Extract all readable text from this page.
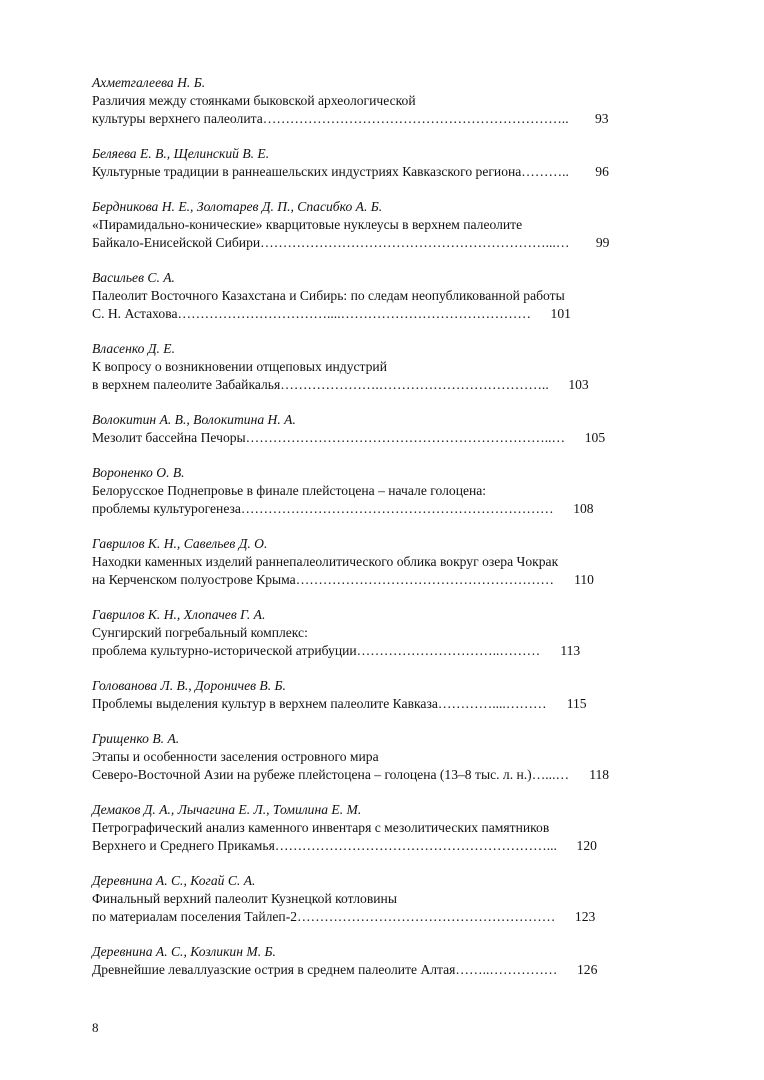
Ахметгалеева Н. Б.
Различия между стоянками быковской археологической
культуры верхнего палеолита…………………………………………………………..	93
Беляева Е. В., Щелинский В. Е.
Культурные традиции в раннеашельских индустриях Кавказского региона………..	96
Бердникова Н. Е., Золотарев Д. П., Спасибко А. Б.
«Пирамидально-конические» кварцитовые нуклеусы в верхнем палеолите
Байкало-Енисейской Сибири………………………………………………………...…	99
Васильев С. А.
Палеолит Восточного Казахстана и Сибирь: по следам неопубликованной работы
С. Н. Астахова……………………………....……………………………………	101
Власенко Д. Е.
К вопросу о возникновении отщеповых индустрий
в верхнем палеолите Забайкалья………………….………………………………..	103
Волокитин А. В., Волокитина Н. А.
Мезолит бассейна Печоры…………………………………………………………..…	105
Вороненко О. В.
Белорусское Поднепровье в финале плейстоцена – начале голоцена:
проблемы культурогенеза……………………………………………………………	108
Гаврилов К. Н., Савельев Д. О.
Находки каменных изделий раннепалеолитического облика вокруг озера Чокрак
на Керченском полуострове Крыма…………………………………………………	110
Гаврилов К. Н., Хлопачев Г. А.
Сунгирский погребальный комплекс:
проблема культурно-исторической атрибуции…………………………..………	113
Голованова Л. В., Дороничев В. Б.
Проблемы выделения культур в верхнем палеолите Кавказа…………....………	115
Грищенко В. А.
Этапы и особенности заселения островного мира
Северо-Восточной Азии на рубеже плейстоцена – голоцена (13–8 тыс. л. н.)…...…	118
Демаков Д. А., Лычагина Е. Л., Томилина Е. М.
Петрографический анализ каменного инвентаря с мезолитических памятников
Верхнего и Среднего Прикамья……………………………………………………...	120
Деревнина А. С., Когай С. А.
Финальный верхний палеолит Кузнецкой котловины
по материалам поселения Тайлеп-2…………………………………………………	123
Деревнина А. С., Козликин М. Б.
Древнейшие леваллуазские острия в среднем палеолите Алтая……..……………	126
8
